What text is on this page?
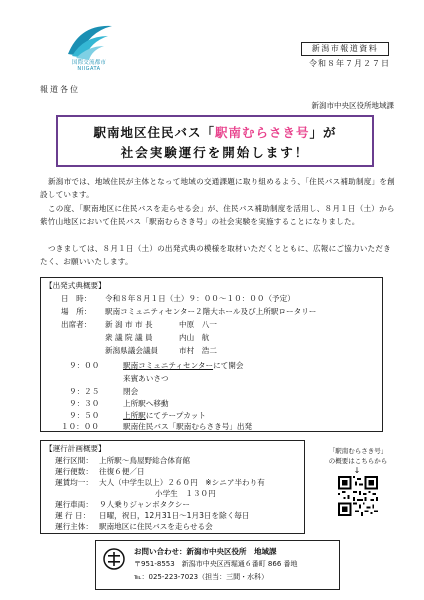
国際交流都市
NIIGATA
新潟市報道資料
令和８年７月２７日
報道各位
新潟市中央区役所地域課
駅南地区住民バス「駅南むらさき号」が
社会実験運行を開始します！
新潟市では、地域住民が主体となって地域の交通課題に取り組めるよう、「住民バス補助制度」を創設しています。
この度、「駅南地区に住民バスを走らせる会」が、住民バス補助制度を活用し、８月１日（土）から紫竹山地区において住民バス「駅南むらさき号」の社会実験を実施することになりました。
つきましては、８月１日（土）の出発式典の模様を取材いただくとともに、広報にご協力いただきたく、お願いいたします。
【出発式典概要】
日　時： 令和８年８月１日（土）９：００～１０：００（予定）
場　所： 駅南コミュニティセンター２階大ホール及び上所駅ロータリー
出席者： 新 潟 市 市 長	中原　八一
衆 議 院 議 員	内山　航
新潟県議会議員	市村　浩二
９：００	駅南コミュニティセンターにて開会
来賓あいさつ
９：２５	閉会
９：３０	上所駅へ移動
９：５０	上所駅にてテープカット
１０：００	駅南住民バス「駅南むらさき号」出発
【運行計画概要】
運行区間： 上所駅～鳥屋野総合体育館
運行便数： 往復６便／日
運賃均一： 大人（中学生以上）２６０円　※シニア半わり有
小学生　１３０円
運行車両： ９人乗りジャンボタクシー
運 行 日： 日曜，祝日，12月31日～1月3日を除く毎日
運行主体： 駅南地区に住民バスを走らせる会
「駅南むらさき号」
の概要はこちらから
↓
お問い合わせ：新潟市中央区役所　地域課
〒951-8553　新潟市中央区西堀通６番町 866 番地
℡：025-223-7023（担当：三間・水科）
